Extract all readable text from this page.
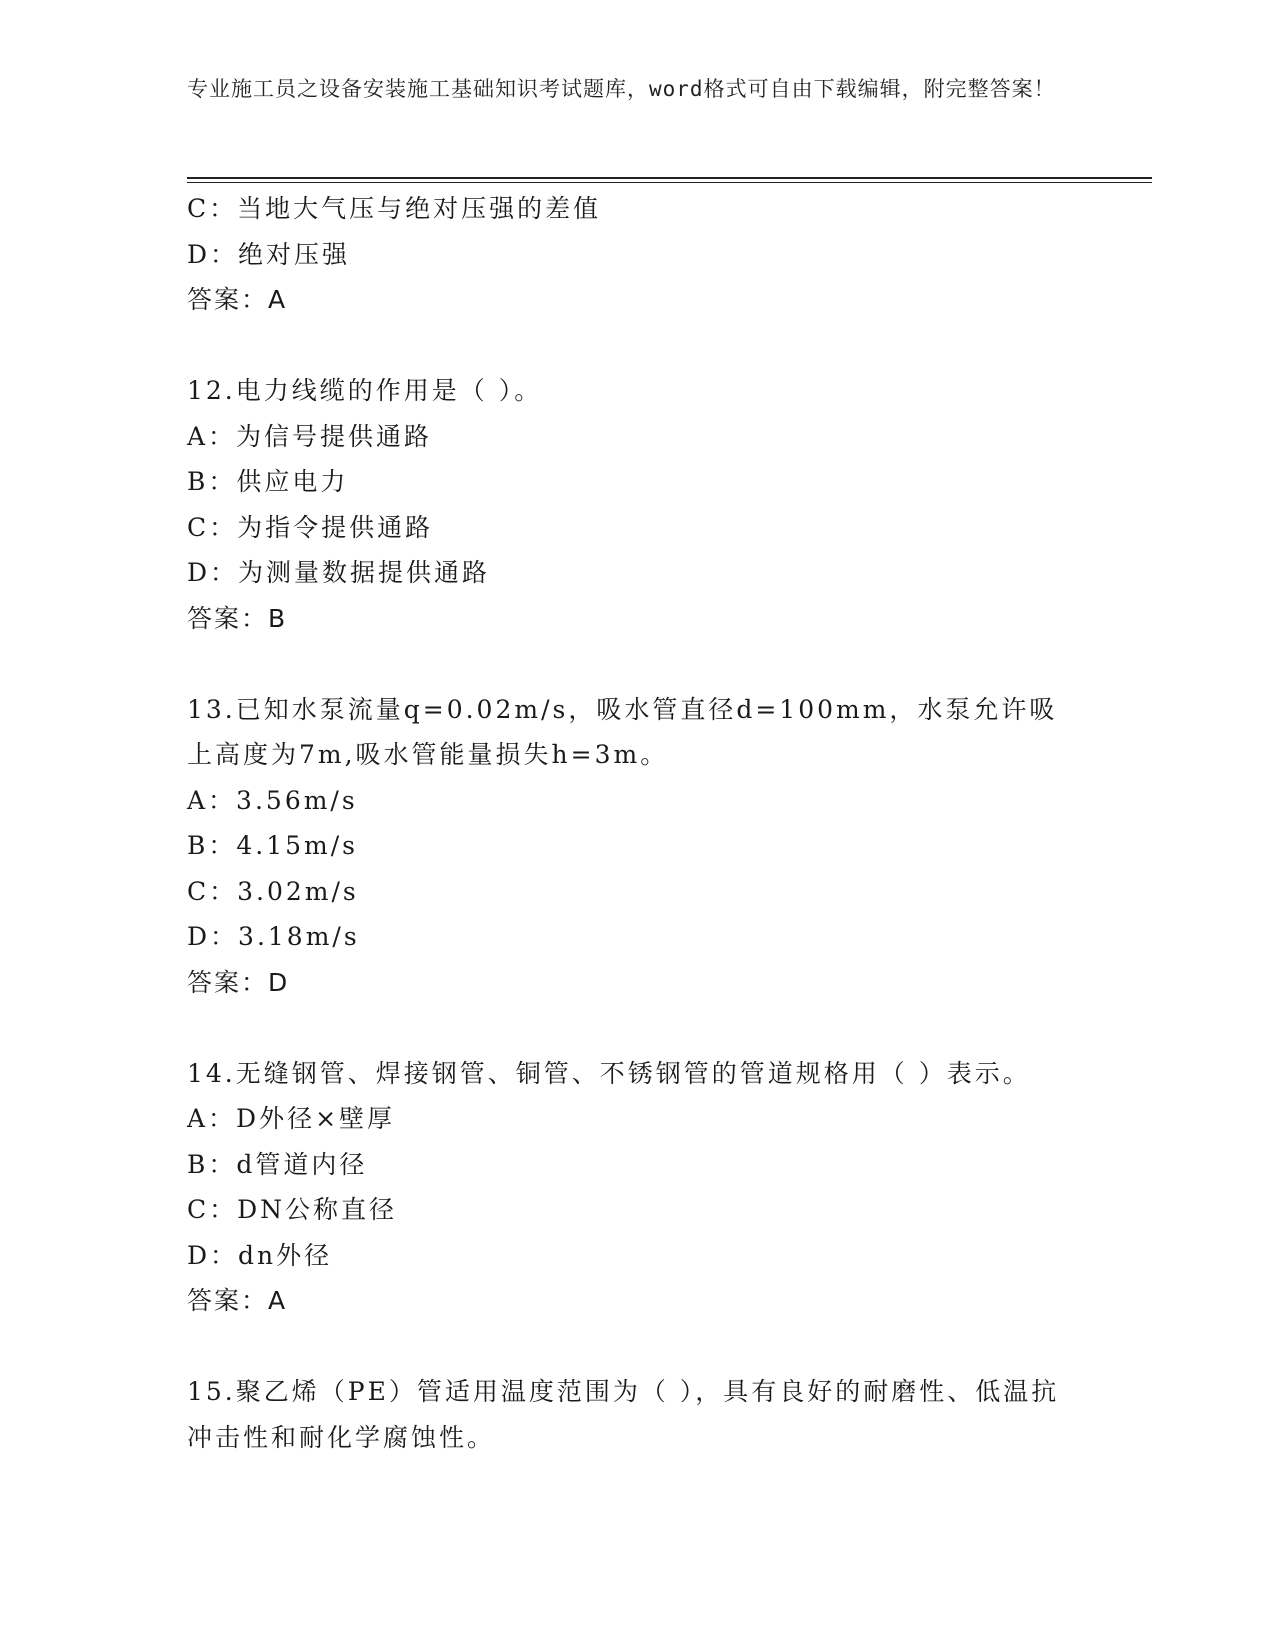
专业施工员之设备安装施工基础知识考试题库，word格式可自由下载编辑，附完整答案！
C：当地大气压与绝对压强的差值
D：绝对压强
答案：A
12.电力线缆的作用是（ ）。
A：为信号提供通路
B：供应电力
C：为指令提供通路
D：为测量数据提供通路
答案：B
13.已知水泵流量q=0.02m/s，吸水管直径d=100mm，水泵允许吸上高度为7m,吸水管能量损失h=3m。
A：3.56m/s
B：4.15m/s
C：3.02m/s
D：3.18m/s
答案：D
14.无缝钢管、焊接钢管、铜管、不锈钢管的管道规格用（ ）表示。
A：D外径×壁厚
B：d管道内径
C：DN公称直径
D：dn外径
答案：A
15.聚乙烯（PE）管适用温度范围为（ ），具有良好的耐磨性、低温抗冲击性和耐化学腐蚀性。
